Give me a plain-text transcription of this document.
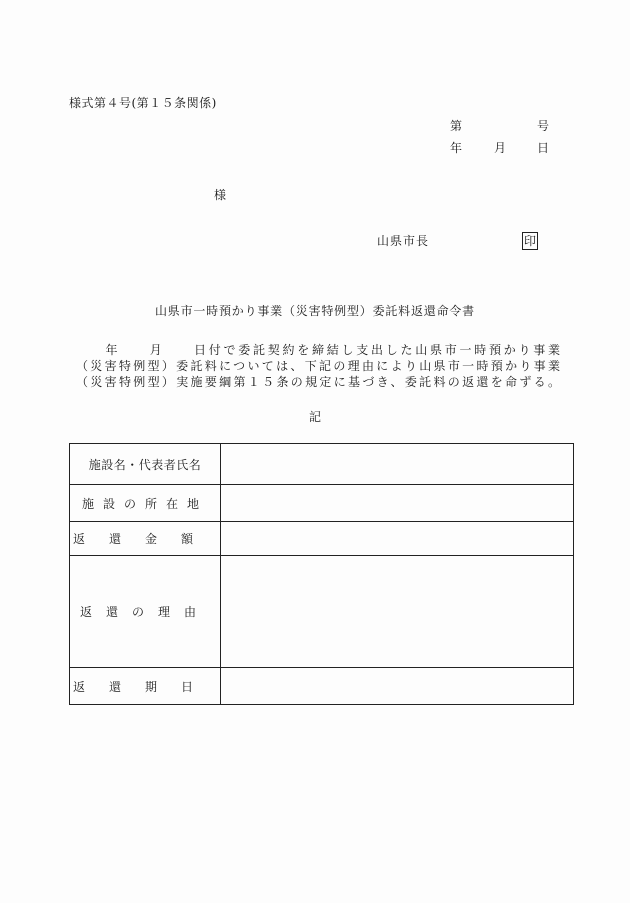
様式第４号(第１５条関係)
第	号
年	月	日
様
山県市長	印
山県市一時預かり事業（災害特例型）委託料返還命令書
　　年　　月　　日付で委託契約を締結し支出した山県市一時預かり事業
（災害特例型）委託料については、下記の理由により山県市一時預かり事業
（災害特例型）実施要綱第１５条の規定に基づき、委託料の返還を命ずる。
記
施設名・代表者氏名	
施設の所在地	
返還金額	
返還の理由	
返還期日	
